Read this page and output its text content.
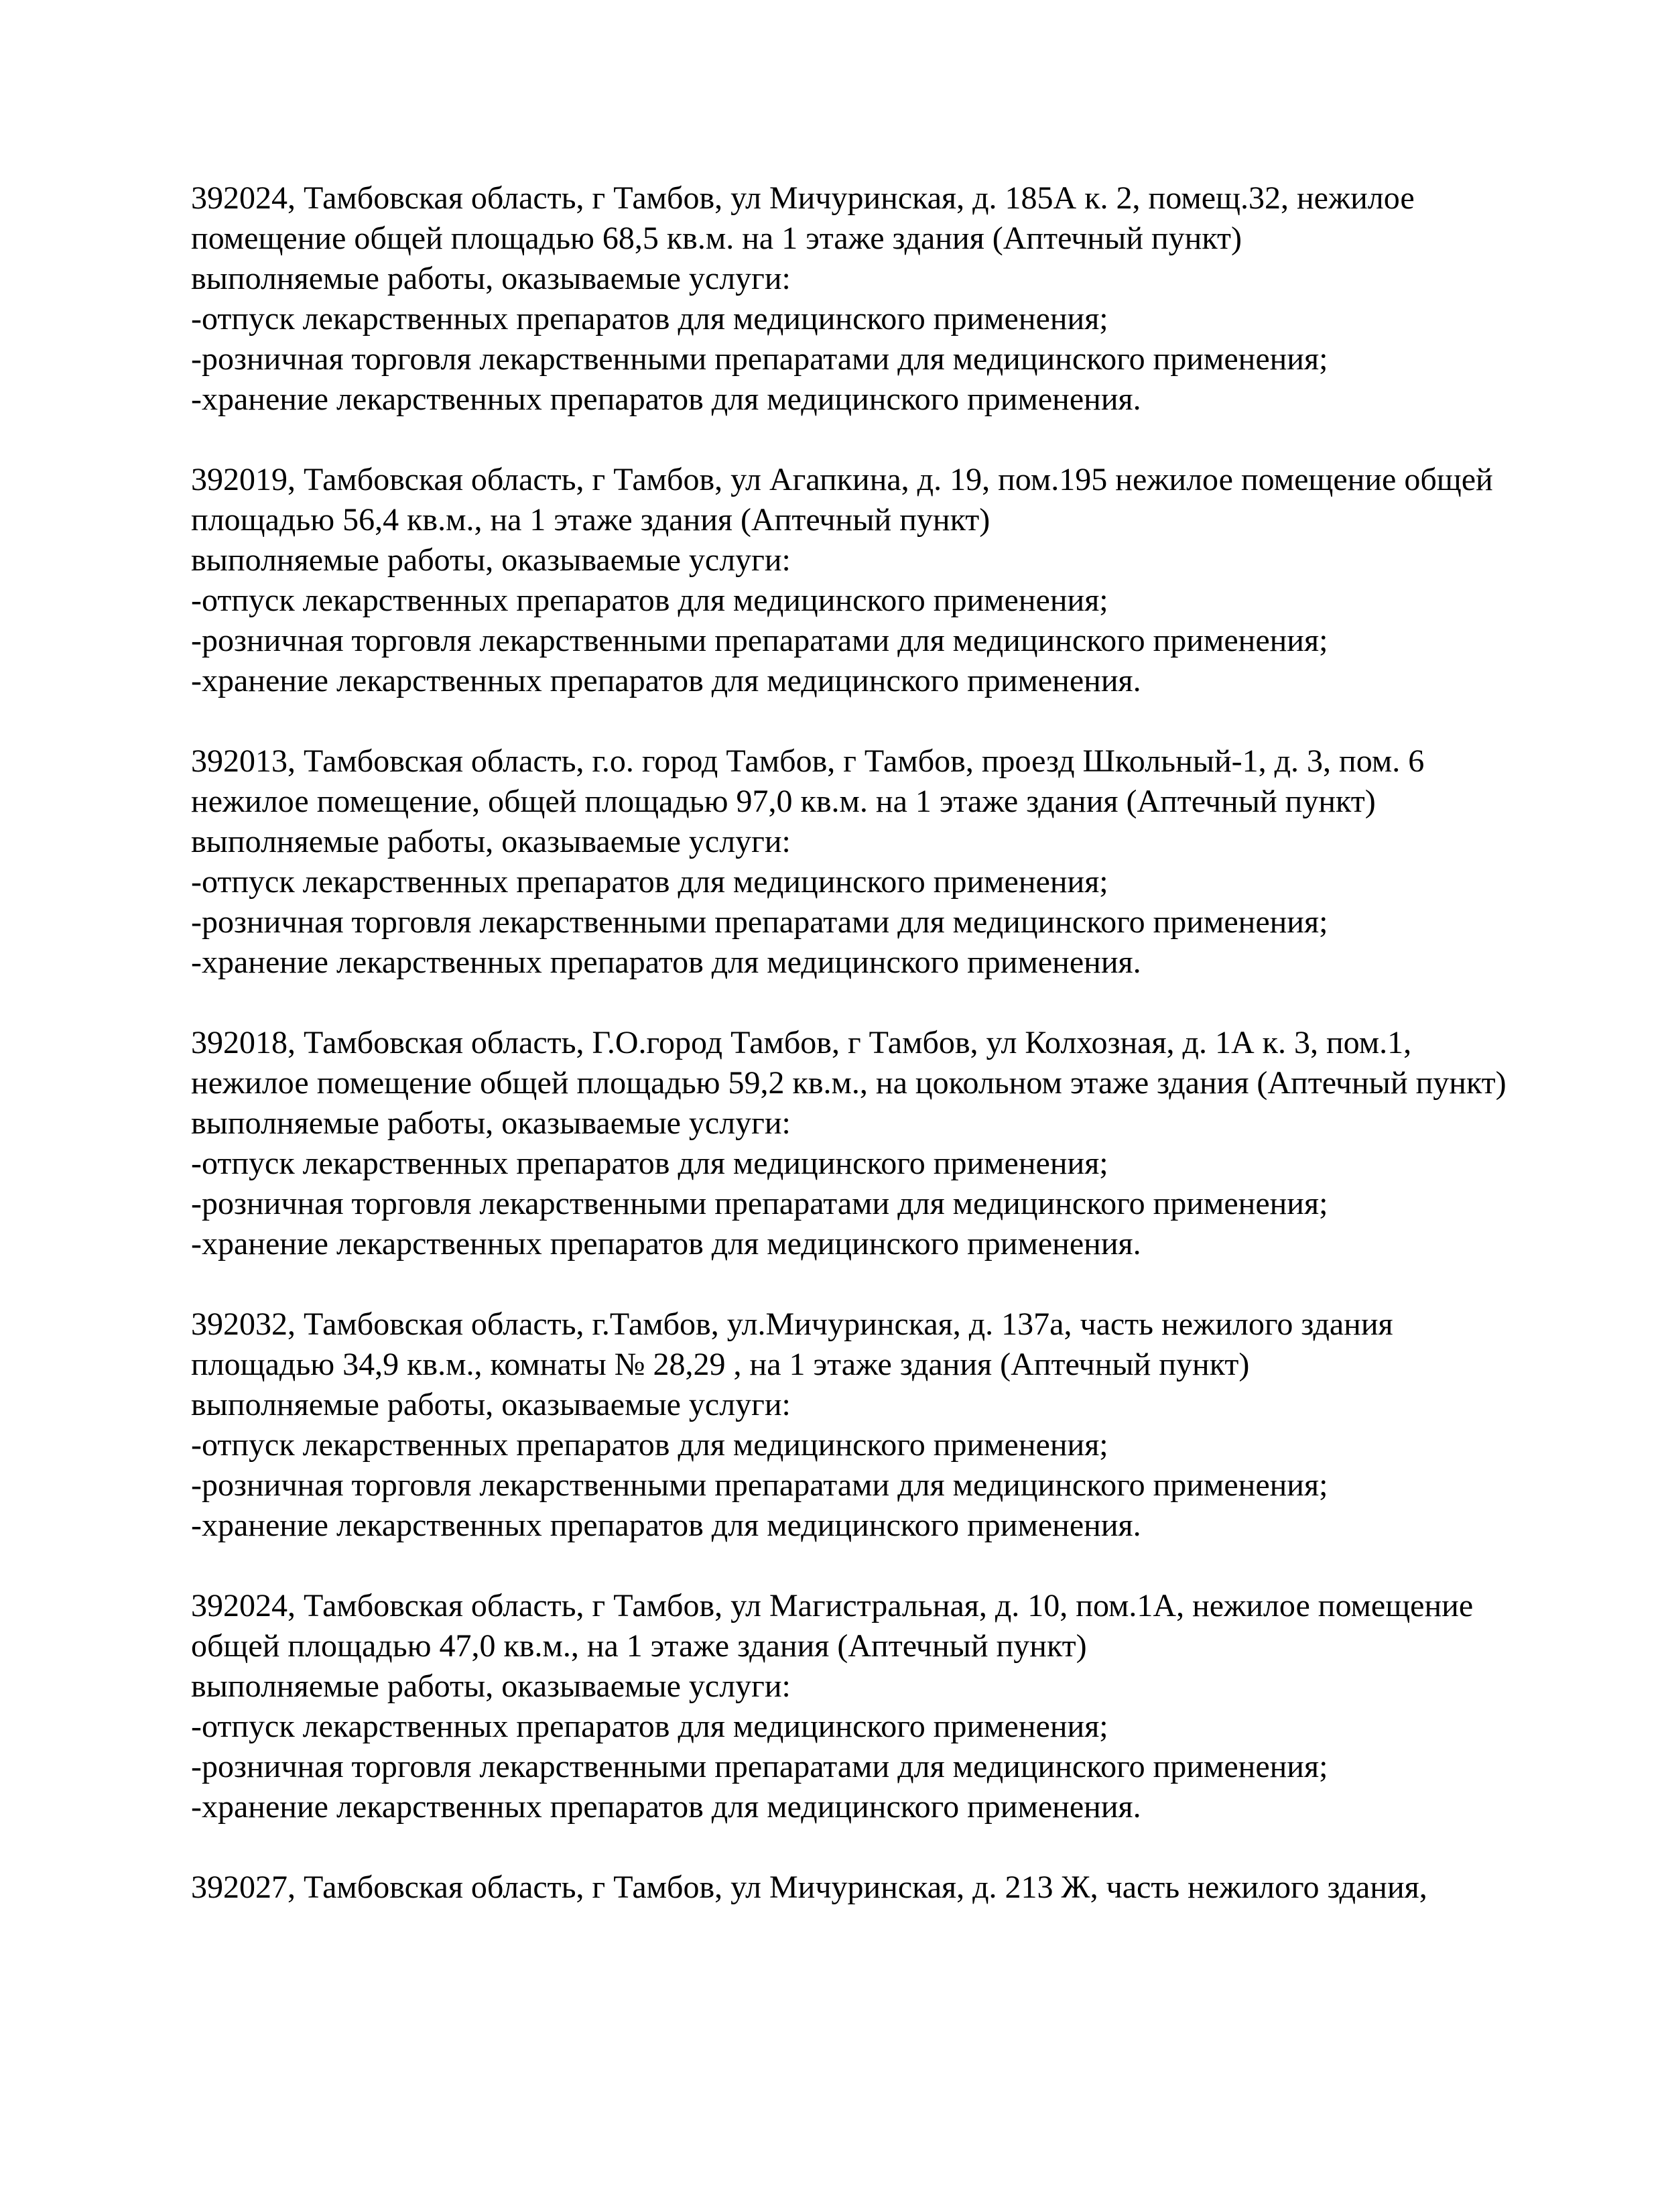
392024, Тамбовская область, г Тамбов, ул Мичуринская, д. 185А к. 2, помещ.32, нежилое

помещение общей площадью 68,5 кв.м. на 1 этаже здания (Аптечный пункт)

выполняемые работы, оказываемые услуги:

-отпуск лекарственных препаратов для медицинского применения;

-розничная торговля лекарственными препаратами для медицинского применения;

-хранение лекарственных препаратов для медицинского применения.

392019, Тамбовская область, г Тамбов, ул Агапкина, д. 19, пом.195 нежилое помещение общей

площадью 56,4 кв.м., на 1 этаже здания (Аптечный пункт)

выполняемые работы, оказываемые услуги:

-отпуск лекарственных препаратов для медицинского применения;

-розничная торговля лекарственными препаратами для медицинского применения;

-хранение лекарственных препаратов для медицинского применения.

392013, Тамбовская область, г.о. город Тамбов, г Тамбов, проезд Школьный-1, д. 3, пом. 6

нежилое помещение, общей площадью 97,0 кв.м. на 1 этаже здания (Аптечный пункт)

выполняемые работы, оказываемые услуги:

-отпуск лекарственных препаратов для медицинского применения;

-розничная торговля лекарственными препаратами для медицинского применения;

-хранение лекарственных препаратов для медицинского применения.

392018, Тамбовская область, Г.О.город Тамбов, г Тамбов, ул Колхозная, д. 1А к. 3, пом.1,

нежилое помещение общей площадью 59,2 кв.м., на цокольном этаже здания (Аптечный пункт)

выполняемые работы, оказываемые услуги:

-отпуск лекарственных препаратов для медицинского применения;

-розничная торговля лекарственными препаратами для медицинского применения;

-хранение лекарственных препаратов для медицинского применения.

392032, Тамбовская область, г.Тамбов, ул.Мичуринская, д. 137а, часть нежилого здания

площадью 34,9 кв.м., комнаты № 28,29 , на 1 этаже здания (Аптечный пункт)

выполняемые работы, оказываемые услуги:

-отпуск лекарственных препаратов для медицинского применения;

-розничная торговля лекарственными препаратами для медицинского применения;

-хранение лекарственных препаратов для медицинского применения.

392024, Тамбовская область, г Тамбов, ул Магистральная, д. 10, пом.1А, нежилое помещение

общей площадью 47,0 кв.м., на 1 этаже здания (Аптечный пункт)

выполняемые работы, оказываемые услуги:

-отпуск лекарственных препаратов для медицинского применения;

-розничная торговля лекарственными препаратами для медицинского применения;

-хранение лекарственных препаратов для медицинского применения.

392027, Тамбовская область, г Тамбов, ул Мичуринская, д. 213 Ж, часть нежилого здания,
